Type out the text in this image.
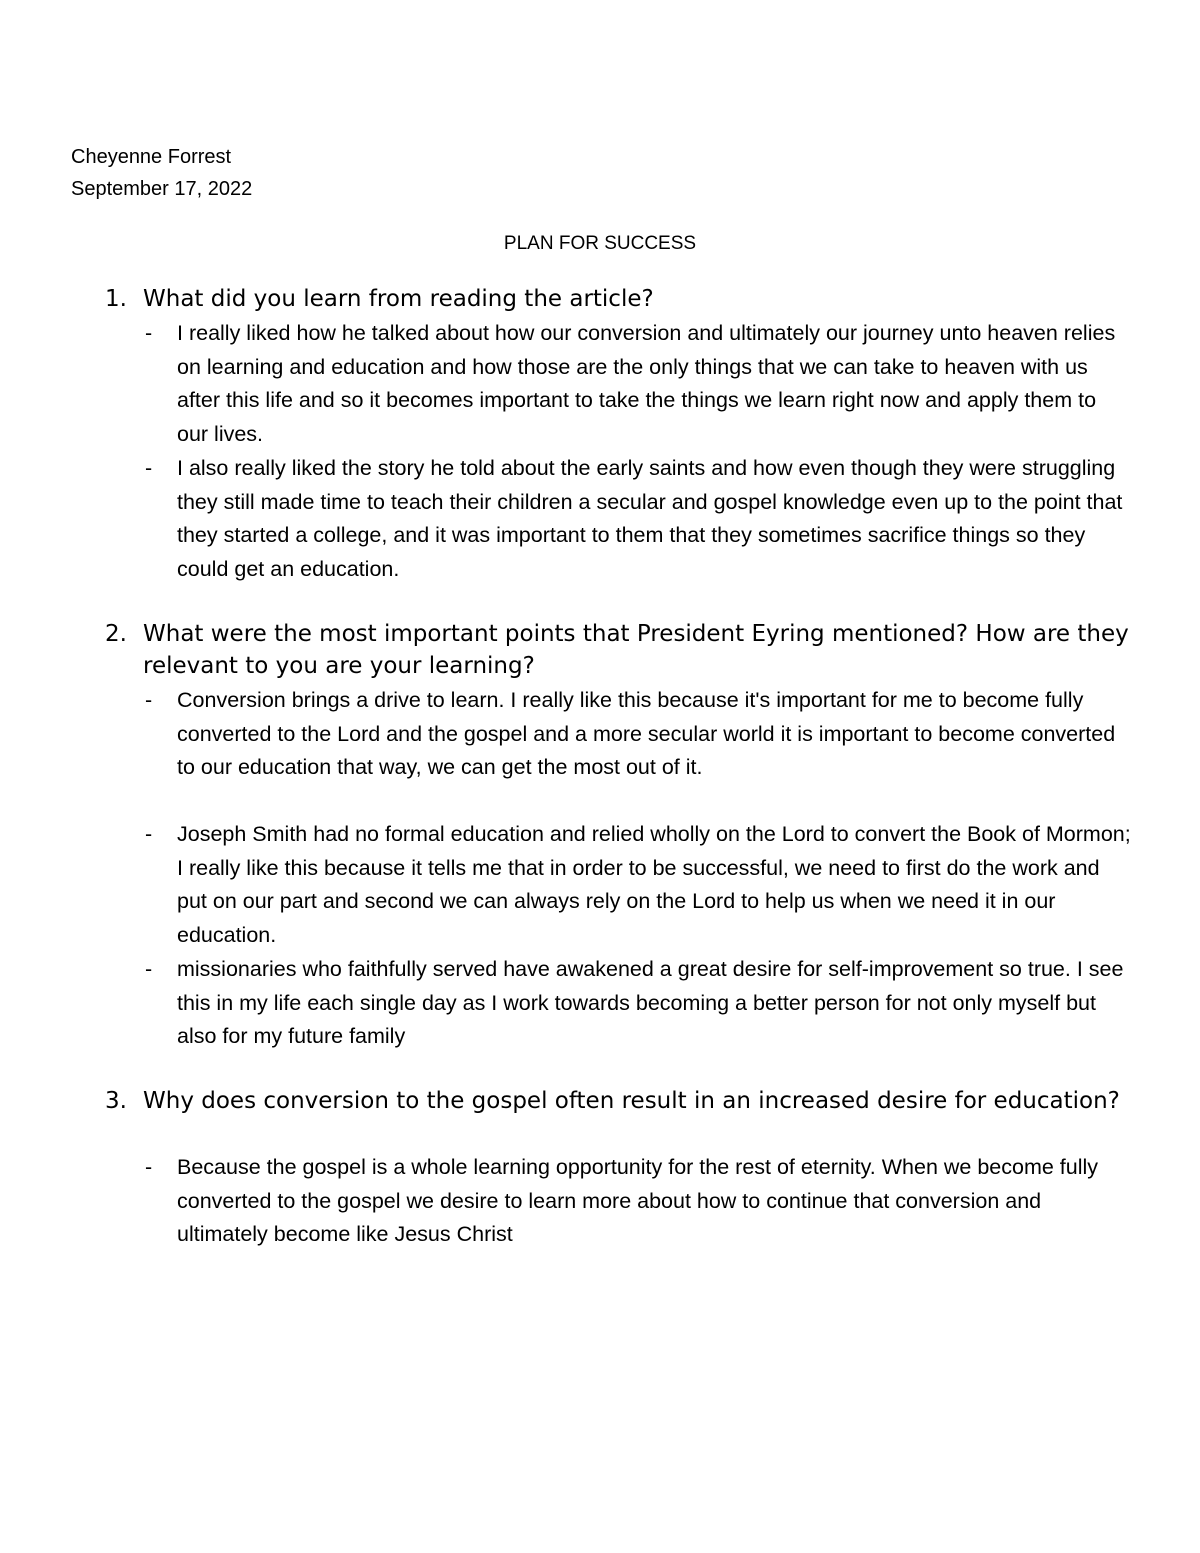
Cheyenne Forrest
September 17, 2022
PLAN FOR SUCCESS
1. What did you learn from reading the article?
-	I really liked how he talked about how our conversion and ultimately our journey unto heaven relies on learning and education and how those are the only things that we can take to heaven with us after this life and so it becomes important to take the things we learn right now and apply them to our lives.
-	I also really liked the story he told about the early saints and how even though they were struggling they still made time to teach their children a secular and gospel knowledge even up to the point that they started a college, and it was important to them that they sometimes sacrifice things so they could get an education.
2. What were the most important points that President Eyring mentioned? How are they relevant to you are your learning?
-	Conversion brings a drive to learn. I really like this because it's important for me to become fully converted to the Lord and the gospel and a more secular world it is important to become converted to our education that way, we can get the most out of it.
-	Joseph Smith had no formal education and relied wholly on the Lord to convert the Book of Mormon; I really like this because it tells me that in order to be successful, we need to first do the work and put on our part and second we can always rely on the Lord to help us when we need it in our education.
-	missionaries who faithfully served have awakened a great desire for self-improvement so true. I see this in my life each single day as I work towards becoming a better person for not only myself but also for my future family
3. Why does conversion to the gospel often result in an increased desire for education?
-	Because the gospel is a whole learning opportunity for the rest of eternity. When we become fully converted to the gospel we desire to learn more about how to continue that conversion and ultimately become like Jesus Christ
